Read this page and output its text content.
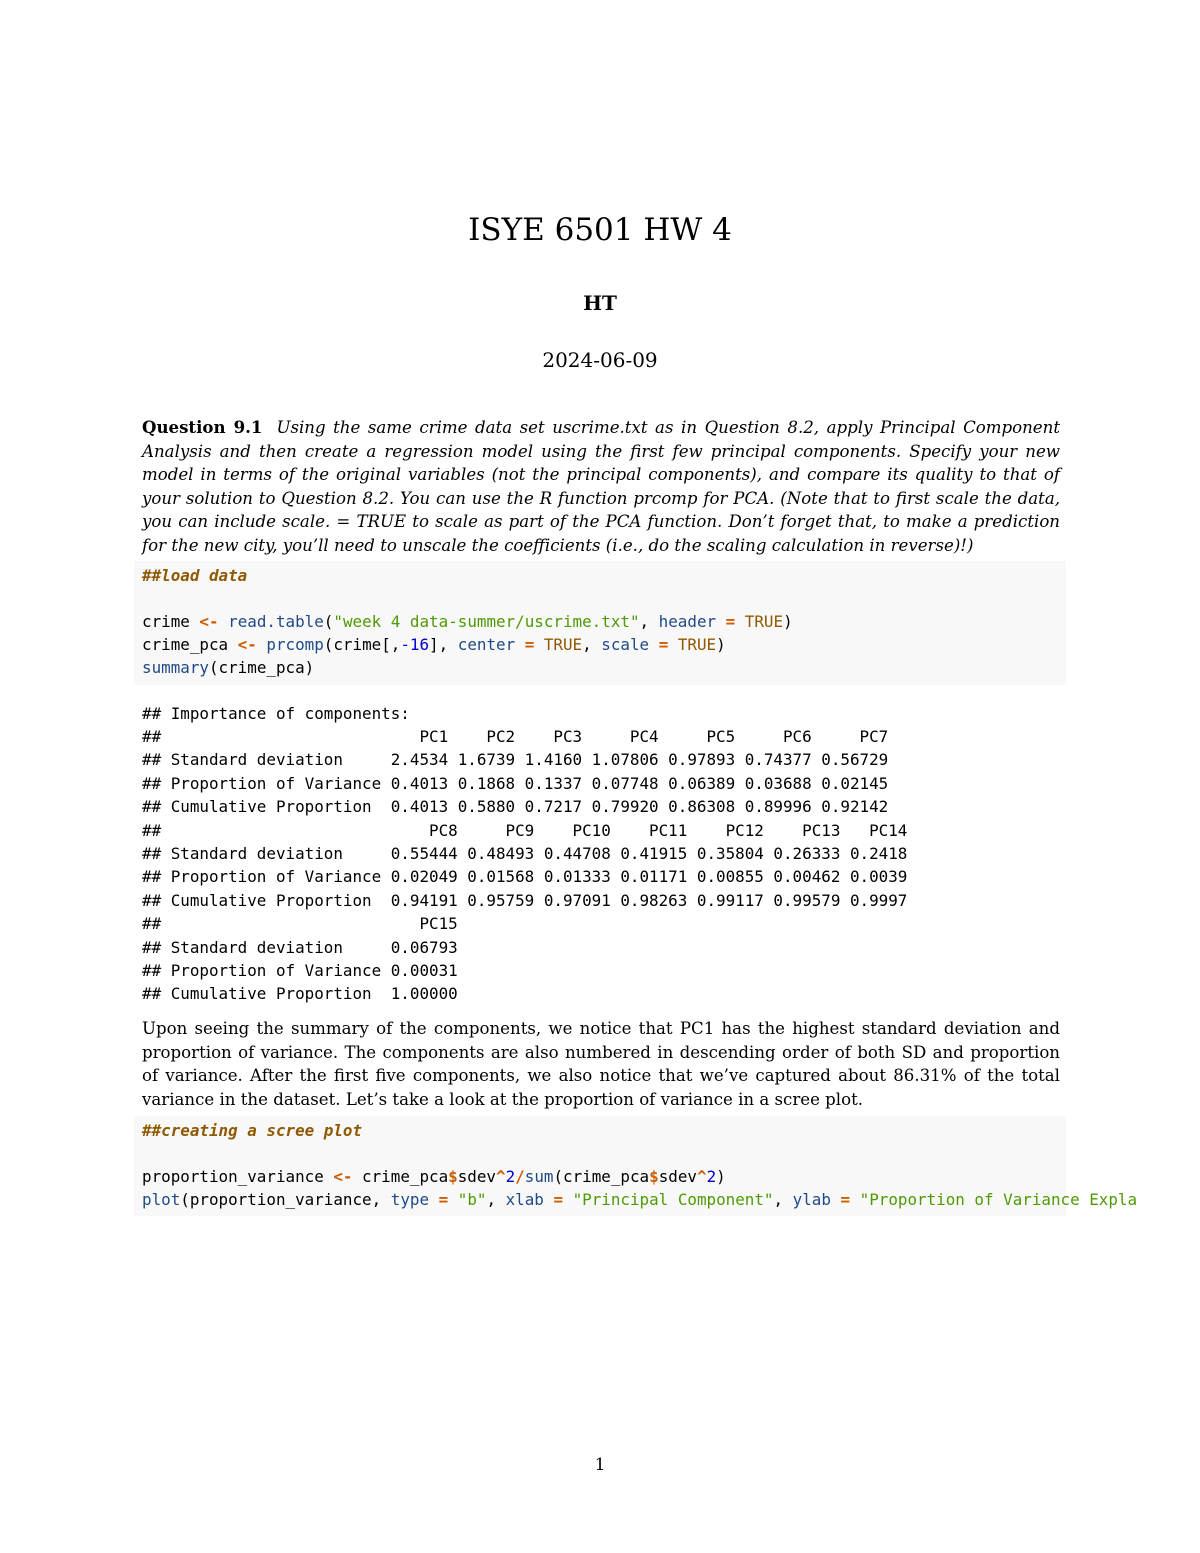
ISYE 6501 HW 4
HT
2024-06-09
Question 9.1 Using the same crime data set uscrime.txt as in Question 8.2, apply Principal Component Analysis and then create a regression model using the first few principal components. Specify your new model in terms of the original variables (not the principal components), and compare its quality to that of your solution to Question 8.2. You can use the R function prcomp for PCA. (Note that to first scale the data, you can include scale. = TRUE to scale as part of the PCA function. Don’t forget that, to make a prediction for the new city, you’ll need to unscale the coefficients (i.e., do the scaling calculation in reverse)!)
##load data
crime <- read.table("week 4 data-summer/uscrime.txt", header = TRUE)
crime_pca <- prcomp(crime[,-16], center = TRUE, scale = TRUE)
summary(crime_pca)
## Importance of components:
##                           PC1    PC2    PC3     PC4     PC5     PC6     PC7
## Standard deviation     2.4534 1.6739 1.4160 1.07806 0.97893 0.74377 0.56729
## Proportion of Variance 0.4013 0.1868 0.1337 0.07748 0.06389 0.03688 0.02145
## Cumulative Proportion  0.4013 0.5880 0.7217 0.79920 0.86308 0.89996 0.92142
##                            PC8     PC9    PC10    PC11    PC12    PC13   PC14
## Standard deviation     0.55444 0.48493 0.44708 0.41915 0.35804 0.26333 0.2418
## Proportion of Variance 0.02049 0.01568 0.01333 0.01171 0.00855 0.00462 0.0039
## Cumulative Proportion  0.94191 0.95759 0.97091 0.98263 0.99117 0.99579 0.9997
##                           PC15
## Standard deviation     0.06793
## Proportion of Variance 0.00031
## Cumulative Proportion  1.00000
Upon seeing the summary of the components, we notice that PC1 has the highest standard deviation and proportion of variance. The components are also numbered in descending order of both SD and proportion of variance. After the first five components, we also notice that we’ve captured about 86.31% of the total variance in the dataset. Let’s take a look at the proportion of variance in a scree plot.
##creating a scree plot
proportion_variance <- crime_pca$sdev^2/sum(crime_pca$sdev^2)
plot(proportion_variance, type = "b", xlab = "Principal Component", ylab = "Proportion of Variance Expla
1
